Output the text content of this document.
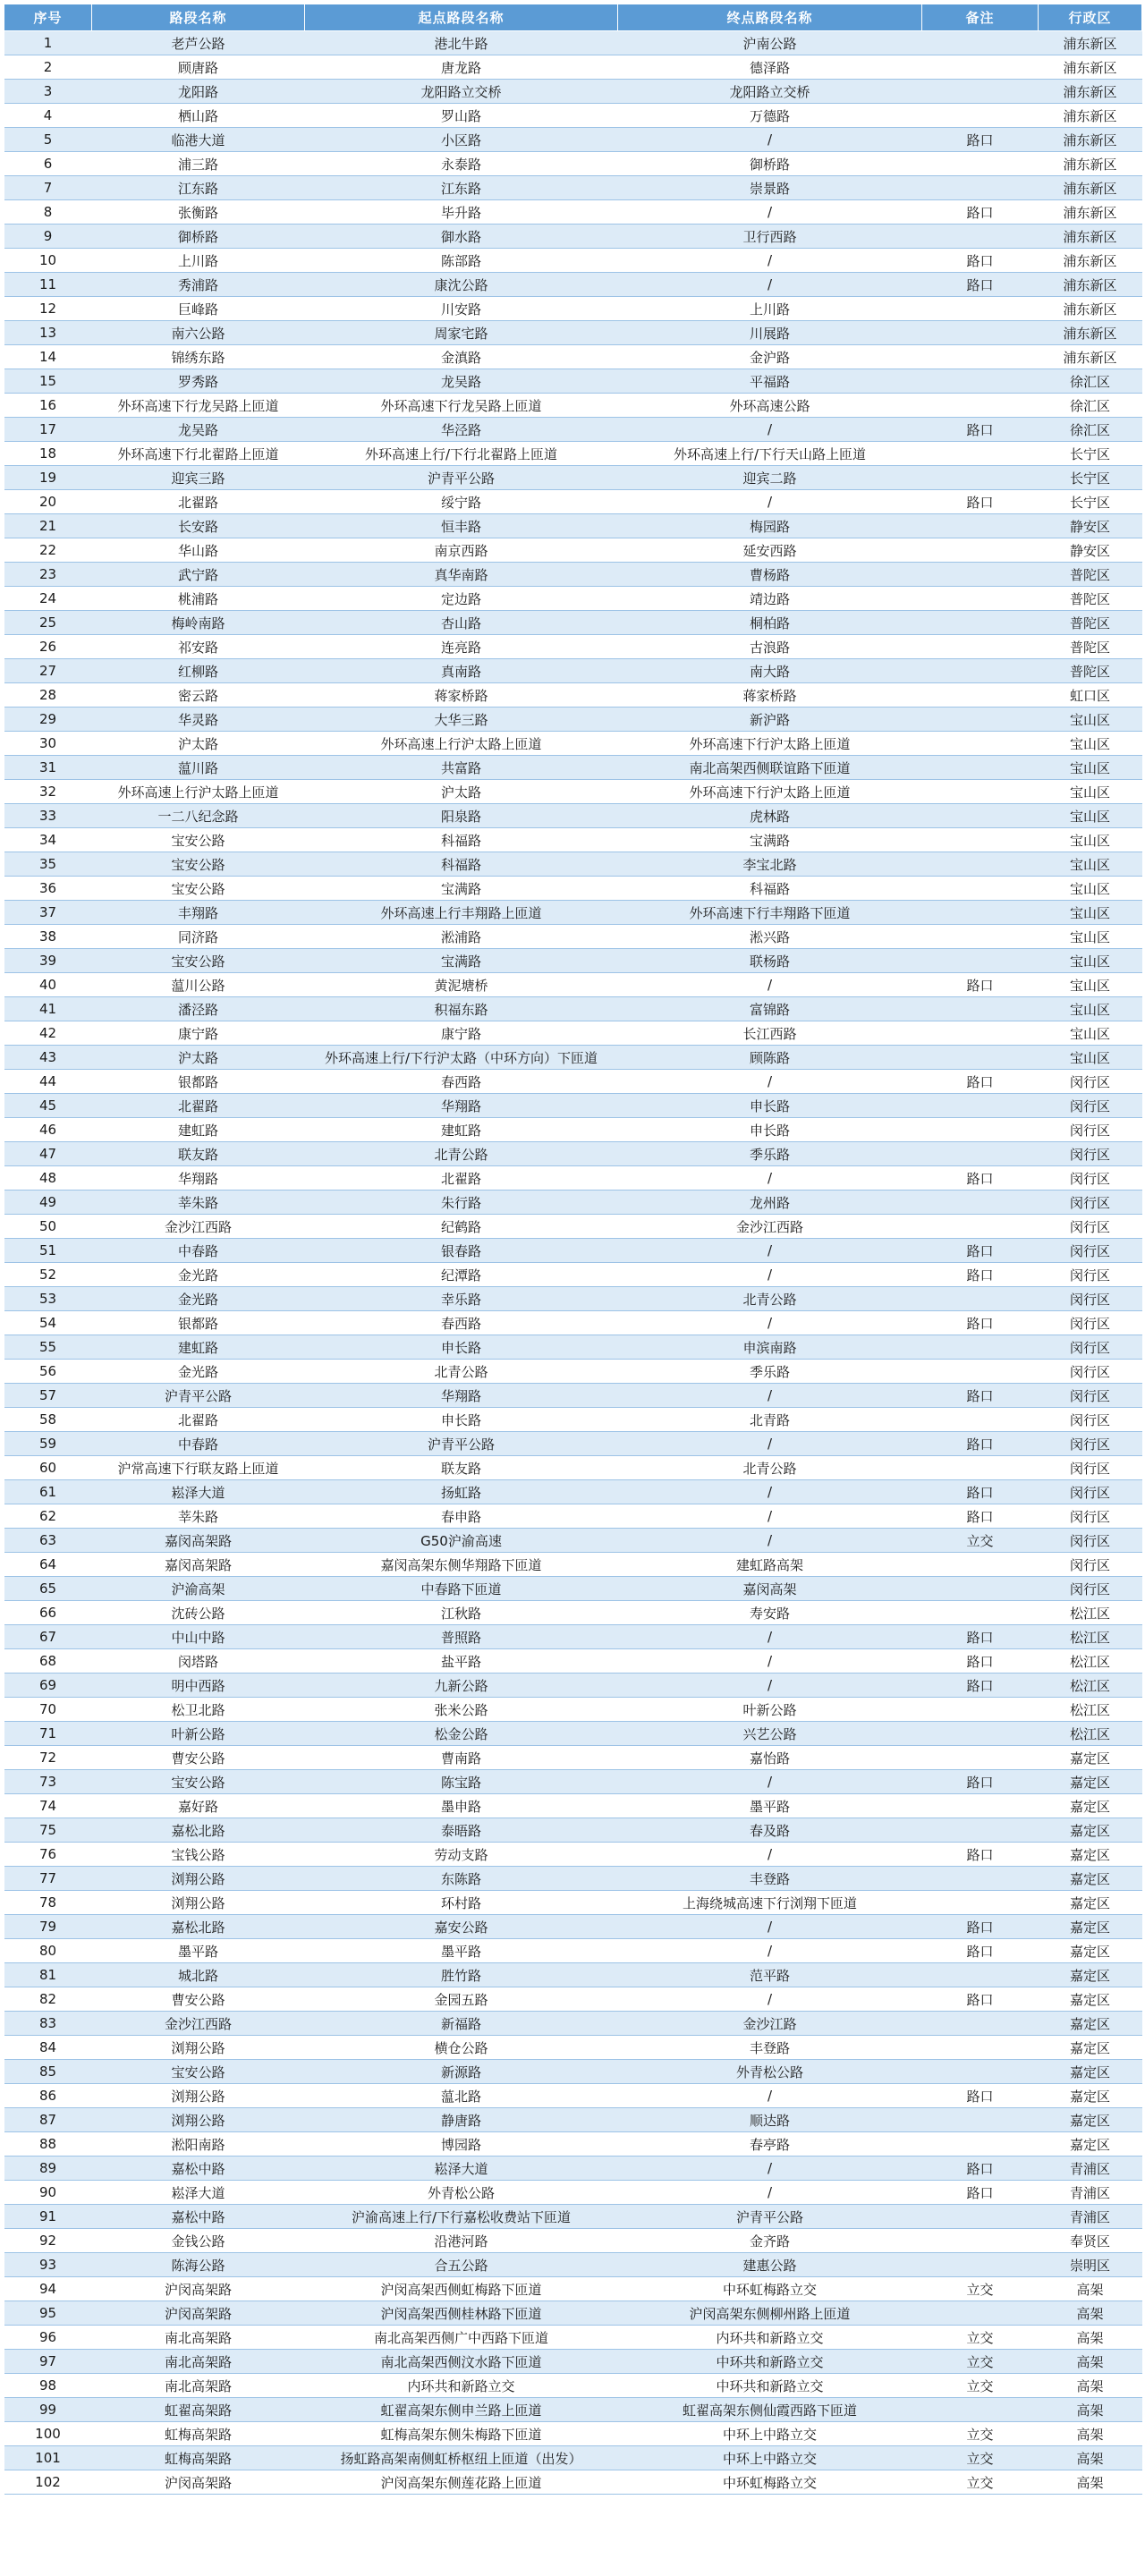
序号	路段名称	起点路段名称	终点路段名称	备注	行政区
1	老芦公路	港北牛路	沪南公路		浦东新区
2	顾唐路	唐龙路	德泽路		浦东新区
3	龙阳路	龙阳路立交桥	龙阳路立交桥		浦东新区
4	栖山路	罗山路	万德路		浦东新区
5	临港大道	小区路	/	路口	浦东新区
6	浦三路	永泰路	御桥路		浦东新区
7	江东路	江东路	崇景路		浦东新区
8	张衡路	毕升路	/	路口	浦东新区
9	御桥路	御水路	卫行西路		浦东新区
10	上川路	陈部路	/	路口	浦东新区
11	秀浦路	康沈公路	/	路口	浦东新区
12	巨峰路	川安路	上川路		浦东新区
13	南六公路	周家宅路	川展路		浦东新区
14	锦绣东路	金滇路	金沪路		浦东新区
15	罗秀路	龙吴路	平福路		徐汇区
16	外环高速下行龙吴路上匝道	外环高速下行龙吴路上匝道	外环高速公路		徐汇区
17	龙吴路	华泾路	/	路口	徐汇区
18	外环高速下行北翟路上匝道	外环高速上行/下行北翟路上匝道	外环高速上行/下行天山路上匝道		长宁区
19	迎宾三路	沪青平公路	迎宾二路		长宁区
20	北翟路	绥宁路	/	路口	长宁区
21	长安路	恒丰路	梅园路		静安区
22	华山路	南京西路	延安西路		静安区
23	武宁路	真华南路	曹杨路		普陀区
24	桃浦路	定边路	靖边路		普陀区
25	梅岭南路	杏山路	桐柏路		普陀区
26	祁安路	连亮路	古浪路		普陀区
27	红柳路	真南路	南大路		普陀区
28	密云路	蒋家桥路	蒋家桥路		虹口区
29	华灵路	大华三路	新沪路		宝山区
30	沪太路	外环高速上行沪太路上匝道	外环高速下行沪太路上匝道		宝山区
31	蕰川路	共富路	南北高架西侧联谊路下匝道		宝山区
32	外环高速上行沪太路上匝道	沪太路	外环高速下行沪太路上匝道		宝山区
33	一二八纪念路	阳泉路	虎林路		宝山区
34	宝安公路	科福路	宝满路		宝山区
35	宝安公路	科福路	李宝北路		宝山区
36	宝安公路	宝满路	科福路		宝山区
37	丰翔路	外环高速上行丰翔路上匝道	外环高速下行丰翔路下匝道		宝山区
38	同济路	淞浦路	淞兴路		宝山区
39	宝安公路	宝满路	联杨路		宝山区
40	蕰川公路	黄泥塘桥	/	路口	宝山区
41	潘泾路	积福东路	富锦路		宝山区
42	康宁路	康宁路	长江西路		宝山区
43	沪太路	外环高速上行/下行沪太路（中环方向）下匝道	顾陈路		宝山区
44	银都路	春西路	/	路口	闵行区
45	北翟路	华翔路	申长路		闵行区
46	建虹路	建虹路	申长路		闵行区
47	联友路	北青公路	季乐路		闵行区
48	华翔路	北翟路	/	路口	闵行区
49	莘朱路	朱行路	龙州路		闵行区
50	金沙江西路	纪鹤路	金沙江西路		闵行区
51	中春路	银春路	/	路口	闵行区
52	金光路	纪潭路	/	路口	闵行区
53	金光路	幸乐路	北青公路		闵行区
54	银都路	春西路	/	路口	闵行区
55	建虹路	申长路	申滨南路		闵行区
56	金光路	北青公路	季乐路		闵行区
57	沪青平公路	华翔路	/	路口	闵行区
58	北翟路	申长路	北青路		闵行区
59	中春路	沪青平公路	/	路口	闵行区
60	沪常高速下行联友路上匝道	联友路	北青公路		闵行区
61	崧泽大道	扬虹路	/	路口	闵行区
62	莘朱路	春申路	/	路口	闵行区
63	嘉闵高架路	G50沪渝高速	/	立交	闵行区
64	嘉闵高架路	嘉闵高架东侧华翔路下匝道	建虹路高架		闵行区
65	沪渝高架	中春路下匝道	嘉闵高架		闵行区
66	沈砖公路	江秋路	寿安路		松江区
67	中山中路	普照路	/	路口	松江区
68	闵塔路	盐平路	/	路口	松江区
69	明中西路	九新公路	/	路口	松江区
70	松卫北路	张米公路	叶新公路		松江区
71	叶新公路	松金公路	兴艺公路		松江区
72	曹安公路	曹南路	嘉怡路		嘉定区
73	宝安公路	陈宝路	/	路口	嘉定区
74	嘉好路	墨申路	墨平路		嘉定区
75	嘉松北路	泰晤路	春及路		嘉定区
76	宝钱公路	劳动支路	/	路口	嘉定区
77	浏翔公路	东陈路	丰登路		嘉定区
78	浏翔公路	环村路	上海绕城高速下行浏翔下匝道		嘉定区
79	嘉松北路	嘉安公路	/	路口	嘉定区
80	墨平路	墨平路	/	路口	嘉定区
81	城北路	胜竹路	范平路		嘉定区
82	曹安公路	金园五路	/	路口	嘉定区
83	金沙江西路	新福路	金沙江路		嘉定区
84	浏翔公路	横仓公路	丰登路		嘉定区
85	宝安公路	新源路	外青松公路		嘉定区
86	浏翔公路	蕰北路	/	路口	嘉定区
87	浏翔公路	静唐路	顺达路		嘉定区
88	淞阳南路	博园路	春亭路		嘉定区
89	嘉松中路	崧泽大道	/	路口	青浦区
90	崧泽大道	外青松公路	/	路口	青浦区
91	嘉松中路	沪渝高速上行/下行嘉松收费站下匝道	沪青平公路		青浦区
92	金钱公路	沿港河路	金齐路		奉贤区
93	陈海公路	合五公路	建惠公路		崇明区
94	沪闵高架路	沪闵高架西侧虹梅路下匝道	中环虹梅路立交	立交	高架
95	沪闵高架路	沪闵高架西侧桂林路下匝道	沪闵高架东侧柳州路上匝道		高架
96	南北高架路	南北高架西侧广中西路下匝道	内环共和新路立交	立交	高架
97	南北高架路	南北高架西侧汶水路下匝道	中环共和新路立交	立交	高架
98	南北高架路	内环共和新路立交	中环共和新路立交	立交	高架
99	虹翟高架路	虹翟高架东侧申兰路上匝道	虹翟高架东侧仙霞西路下匝道		高架
100	虹梅高架路	虹梅高架东侧朱梅路下匝道	中环上中路立交	立交	高架
101	虹梅高架路	扬虹路高架南侧虹桥枢纽上匝道（出发）	中环上中路立交	立交	高架
102	沪闵高架路	沪闵高架东侧莲花路上匝道	中环虹梅路立交	立交	高架
